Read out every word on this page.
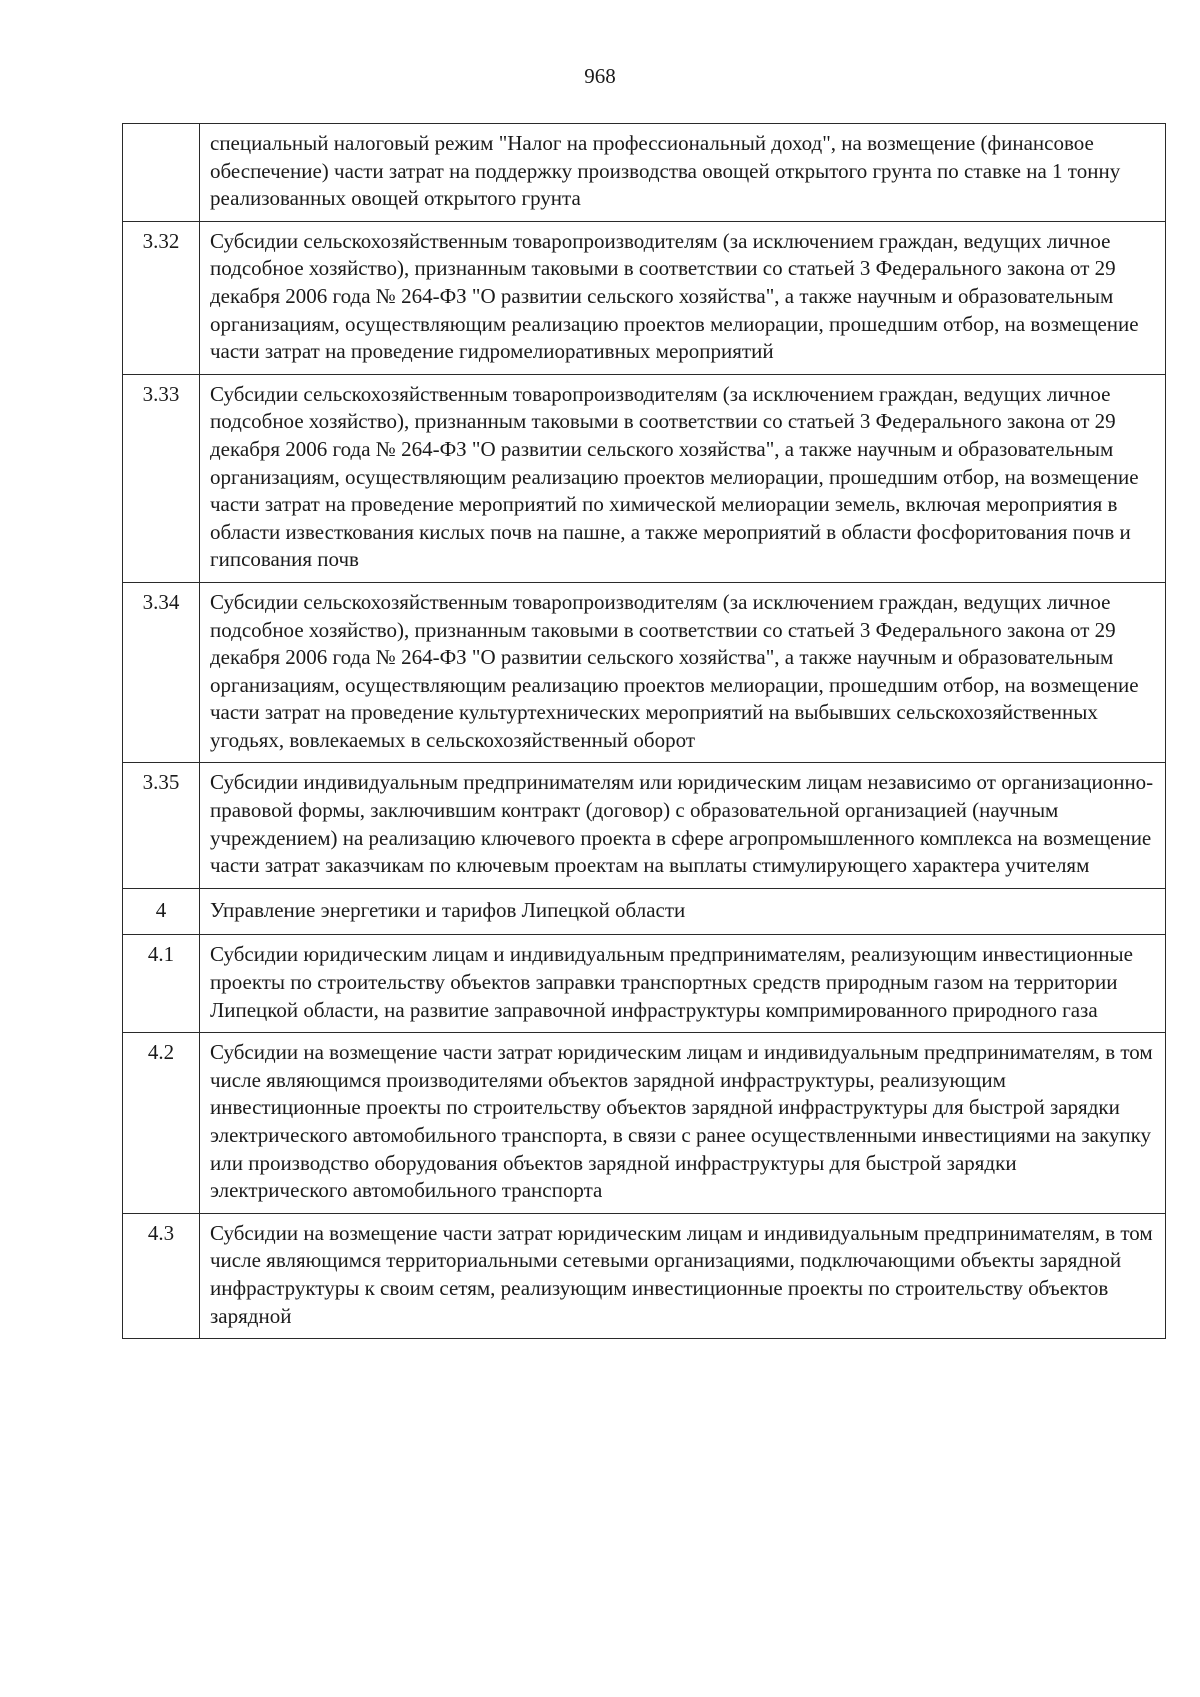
968
	специальный налоговый режим "Налог на профессиональный доход", на возмещение (финансовое обеспечение) части затрат на поддержку производства овощей открытого грунта по ставке на 1 тонну реализованных овощей открытого грунта
3.32	Субсидии сельскохозяйственным товаропроизводителям (за исключением граждан, ведущих личное подсобное хозяйство), признанным таковыми в соответствии со статьей 3 Федерального закона от 29 декабря 2006 года № 264-ФЗ "О развитии сельского хозяйства", а также научным и образовательным организациям, осуществляющим реализацию проектов мелиорации, прошедшим отбор, на возмещение части затрат на проведение гидромелиоративных мероприятий
3.33	Субсидии сельскохозяйственным товаропроизводителям (за исключением граждан, ведущих личное подсобное хозяйство), признанным таковыми в соответствии со статьей 3 Федерального закона от 29 декабря 2006 года № 264-ФЗ "О развитии сельского хозяйства", а также научным и образовательным организациям, осуществляющим реализацию проектов мелиорации, прошедшим отбор, на возмещение части затрат на проведение мероприятий по химической мелиорации земель, включая мероприятия в области известкования кислых почв на пашне, а также мероприятий в области фосфоритования почв и гипсования почв
3.34	Субсидии сельскохозяйственным товаропроизводителям (за исключением граждан, ведущих личное подсобное хозяйство), признанным таковыми в соответствии со статьей 3 Федерального закона от 29 декабря 2006 года № 264-ФЗ "О развитии сельского хозяйства", а также научным и образовательным организациям, осуществляющим реализацию проектов мелиорации, прошедшим отбор, на возмещение части затрат на проведение культуртехнических мероприятий на выбывших сельскохозяйственных угодьях, вовлекаемых в сельскохозяйственный оборот
3.35	Субсидии индивидуальным предпринимателям или юридическим лицам независимо от организационно-правовой формы, заключившим контракт (договор) с образовательной организацией (научным учреждением) на реализацию ключевого проекта в сфере агропромышленного комплекса на возмещение части затрат заказчикам по ключевым проектам на выплаты стимулирующего характера учителям
4	Управление энергетики и тарифов Липецкой области
4.1	Субсидии юридическим лицам и индивидуальным предпринимателям, реализующим инвестиционные проекты по строительству объектов заправки транспортных средств природным газом на территории Липецкой области, на развитие заправочной инфраструктуры компримированного природного газа
4.2	Субсидии на возмещение части затрат юридическим лицам и индивидуальным предпринимателям, в том числе являющимся производителями объектов зарядной инфраструктуры, реализующим инвестиционные проекты по строительству объектов зарядной инфраструктуры для быстрой зарядки электрического автомобильного транспорта, в связи с ранее осуществленными инвестициями на закупку или производство оборудования объектов зарядной инфраструктуры для быстрой зарядки электрического автомобильного транспорта
4.3	Субсидии на возмещение части затрат юридическим лицам и индивидуальным предпринимателям, в том числе являющимся территориальными сетевыми организациями, подключающими объекты зарядной инфраструктуры к своим сетям, реализующим инвестиционные проекты по строительству объектов зарядной
